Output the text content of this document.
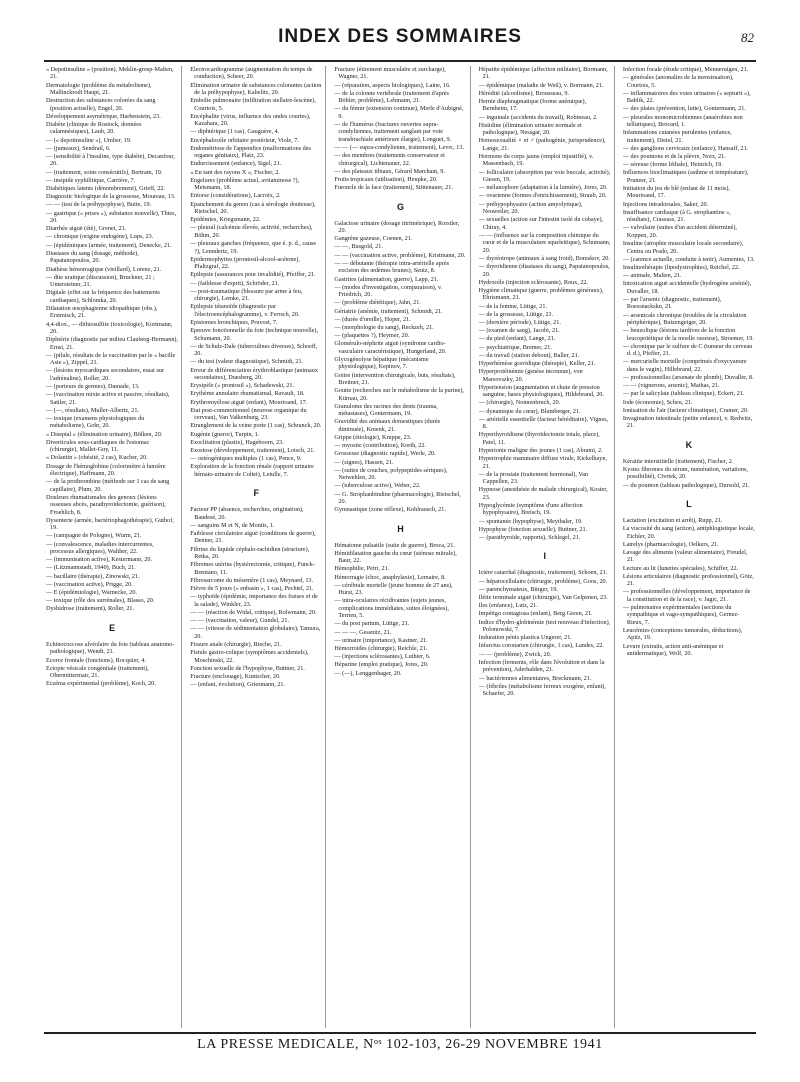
INDEX DES SOMMAIRES	82
« Depotinsuline » (position), Meklin-grosp-Malten, 21.
Dermatologie (problème du métabolisme), Mallinckrodt Haupt, 21.
Destruction des substances colorées du sang (position actuelle), Engel, 20.
Développement asymétrique, Harbenstein, 23.
Diabète (clinique de Rostock, données calamnésiques), Laub, 20.
— (« depotinsuline »), Umber, 19.
— (jumeaux), Sendrail, 6.
— (sensibilité à l'insuline, type diabète), Decanfour, 20.
— (traitement, soins consécutifs), Bertram, 19.
— insipide syphilitique, Carrière, 7.
Diabétiques latents (dénombrement), Grieff, 22.
Diagnostic biologique de la grossesse, Moureau, 13.
— — (test de la préhypophyse), Butte, 19.
— gastrique (« prises »), substance nouvelle), Thies, 20.
Diarrhée aiguë (été), Grenet, 21.
— chronique (origine endogène), Lups, 23.
— (épidémiques (armée, traitement), Denecke, 21.
Diastases du sang (dosage, méthode), Papatanopoulos, 20.
Diathèse hémorragique (vieillard), Lorenz, 21.
— dite uratique (discussion), Bruckner, 21 ; Untersteiner, 21.
Digitale (effet sur la fréquence des battements cardiaques), Schlomka, 20.
Dilatation œsophagienne idiopathique (obs.), Erstmisch, 21.
4,4-diox., — dithiosulfite (toxicologie), Kortmann, 20.
Diphtérie (diagnostic par milieu Clauberg-Hermann), Ernst, 21.
— (pilule, résultats de la vaccination par le « bacille Asie »), Zippel, 21.
— (lésions myocardiques secondaires, essai sur l'adrénaline), Roller, 20.
— (porteurs de germes), Damade, 13.
— (vaccination mixte active et passive, résultats), Sattler, 21.
— (—, résultats), Muller-Albertz, 21.
— toxique (examens physiologiques du métabolisme), Gohr, 20.
« Diseptal » (élimination urinaire), Bölken, 20.
Diverticules sous-cardiaques de l'estomac (chirurgie), Mallet-Guy, 11.
« Dolantin » (obésité, 2 cas), Kucher, 20.
Dosage de l'hémoglobine (colorimètre à lumière électrique), Haffmann, 20.
— de la prothrombine (méthode sur 1 cas de sang capillaire), Plum, 20.
Douleurs rhumatismales des genoux (lésions osseuses abcès, parathyroïdectomie, guérison), Froehlich, 8.
Dysenterie (armée, bactériophagothérapie), Guthof, 19.
— (campagne de Pologne), Wurm, 21.
— (convalescence, maladies intercurrentes, processus allergiques), Walther, 22.
— (immunisation active), Kestermann, 20.
— (Litzmannstadt, 1940), Buch, 21.
— bacillaire (thérapie), Zinowski, 21.
— (vaccination active), Prigge, 20.
— E (épidémiologie), Warnecke, 20.
— toxique (rôle des surrénales), Blasso, 20.
Dyshidrose (traitement), Roller, 21.
E
Echinococcose alvéolaire du foie (tableau anatomo-pathologique), Wendt, 21.
Ecorce frontale (fonctions), Rocquier, 4.
Ectopie vésicale congénitale (traitement), Obermittermair, 21.
Eczéma expérimental (problème), Koch, 20.
Electrocardiogramme (augmentation du temps de conduction), Scheer, 20.
Elimination urinaire de substances colorantes (action de la préhypophyse), Kabelitz, 20.
Embolie pulmonaire (infiltration stellaire-lescène), Courtois, 5.
Encéphalite (virus, influence des ondes courtes), Kazahara, 20.
— diphtérique (1 cas), Gauguère, 4.
Encéphalocèle orbitaire postérieur, Viole, 7.
Endométriose de l'appendice (malformations des organes génitaux), Platz, 23.
Endurcissement (enfance), Sigel, 21.
« En tant des rayons X », Fischer, 2.
Engelures (problème actuel, avitaminose ?), Metsmann, 18.
Entorse (considérations), Lacroix, 2.
Epanchement du genou (cas à sérologie douteuse), Rietschel, 20.
Epidémies, Kriegsmann, 22.
— pleural (calcémie élevée, activité, recherches), Böhm, 20.
— pleuraux ganches (fréquence, que é. p. d., cause ?), Lenndertz, 19.
Epidermophyties (prontosil-alcool-acétone), Pfaltzgraf, 22.
Epilepsie (assurances pour invalidité), Pfeiffer, 21.
— (faiblesse d'esprit), Schröder, 21.
— post-traumatique (blessure par arme à feu, chirurgie), Lemke, 21.
Epilepsie tétanoïde (diagnostic par l'électroencéphalogramme), v. Ferrsch, 20.
Epistomes bronchiques, Pruvost, 7.
Epreuve fonctionnelle du foie (technique nouvelle), Schumann, 20.
— de Schulz-Dale (tuberculines diverses), Schoeff, 20.
— du test (valeur diagnostique), Schmidt, 21.
Erreur de différenciation érythroblastique (animaux secondaires), Duesberg, 20.
Erysipèle (« prontosil »), Schadewski, 21.
Erythème annulaire rhumatismal, Ravault, 18.
Erythromyélose aiguë (enfant), Mourioand, 17.
Etat post-commotionnel (neurose organique du cerveau), Van Valkenburg, 23.
Etranglement de la veine porte (1 cas), Schranck, 20.
Eugénie (guerre), Turpin, 1.
Exoclitation (plastie), Hageboorn, 23.
Exostose (développement, traitement), Lotsch, 21.
— ostéogéniques multiples (1 cas), Pence, 9.
Exploration de la fonction rénale (rapport urinaire hémato-urinaire de Coltet), Letulle, 7.
F
Facteur PP (absence, recherches, origination), Baudesé, 20.
— sanguins M et N, de Montis, 1.
Faiblesse circulatoire aiguë (conditions de guerre), Denner, 21.
Fibrine du liquide céphalo-rachidien (structure), Retka, 20.
Fibromes utérins (hystérectomie, critique), Funck-Brentano, 11.
Fibrosarcome du mésentère (1 cas), Meynard, 13.
Fièvre de 5 jours (« enbasin », 1 cas), Pechtel, 21.
— typhoïde (épidémie, importance des fraises et de la salade), Winkler, 23.
— — (réaction de Widal, critique), Rolwmann, 20.
— — (vaccination, valeur), Gundel, 21.
— — (vitesse de sédimentation globulaire), Tamura, 20.
Fissure anale (chirurgie), Rieche, 21.
Fistule gastro-colique (symptômes accidentels), Moschinski, 22.
Fonction sexuelle de l'hypophyse, Buttner, 21.
Fracture (enclouage), Kuntscher, 20.
— (enfant, évolution), Griesmann, 21.
Fracture (étirement musculaire et surcharge), Wagner, 21.
— (réparation, aspects biologiques), Laine, 16.
— de la colonne vertébrale (traitement d'après Böhler, problème), Lehmann, 21.
— du fémur (extension continue), Merle d'Aubigné, 9.
— de l'humérus (fractures ouvertes supra-condyliennes, traitement sanglant par voie transbrachiale antérieure élargie), Longuet, 9.
— — (— supra-condylienne, traitement), Levrc, 13.
— des membres (traitements conservateur et chirurgical), Lichtenauer, 22.
— des plateaux tibiaux, Gérard Marchant, 9.
Fruits tropicaux (utilisation), Heupke, 20.
Furoncle de la face (traitement), Stittenauer, 21.
G
Galactose urinaire (dosage titrimétrique), Rorstler, 20.
Gangrène gazeuse, Coenen, 21.
— —, Busgold, 21.
— — (vaccination active, problème), Kristmann, 20.
— — débutante (thérapie intra-artérielle après excision des œdèmes brunes), Seutz, 8.
Gastrites (alimentation, guerre), Lapp, 21.
— (modes d'investigation, comparaison), v. Friedrich, 20.
— (problème diététique), Jahn, 21.
Gériatrie (anémie, traitement), Schmidt, 21.
— (durée d'oreille), Hoper, 21.
— (morphologie du sang), Reckzeh, 21.
— (plaquettes ?), Heymer, 20.
Glomérulo-néphrite aiguë (syndrome cardio-vasculaire caractéristique), Hungerland, 20.
Glycogénolyse hépatique (mécanisme physiologique), Kepinov, 7.
Goitre (intervention chirurgicale, buts, résultats), Breitner, 21.
Goutte (recherches sur le métabolisme de la purine), Kürnau, 20.
Granulome des racines des dents (trauma, métastases), Gontermann, 19.
Gravidité des animaux domestiques (durée diminuée), Kmenk, 21.
Grippe (étiologie), Kruppe, 23.
— myosite (contribution), Korth, 22.
Grossesse (diagnostic rapide), Werle, 20.
— (signes), Hassen, 21.
— (suites de couches, polypeptides sériques), Netwehlen, 20.
— (tuberculose active), Weber, 22.
— G. Strophanbindine (pharmacologie), Rietschel, 20.
Gymnastique (zone réflexe), Kohlrausch, 21.
H
Hématome pulsatile (suite de guerre), Broca, 21.
Hémidilatation gauche du cœur (sténose mitrale), Baur, 22.
Hémophilie, Petri, 21.
Hémorragie (choc, anaphylaxie), Lemaire, 8.
— cérébrale mortelle (jeune homme de 27 ans), Hurst, 23.
— intra-oculaires récidivantes (sujets jeunes, complications immédiates, suites éloignées), Terrien, 5.
— du post partum, Lüttge, 21.
— — —, Gessnitz, 21.
— urinaire (importance), Kastner, 21.
Hémorroïdes (chirurgie), Reichle, 21.
— (injections sclérosantes), Luthier, 6.
Héparine (emploi pratique), Jores, 20.
— (—), Lenggenhager, 20.
Hépatite épidémique (affection militaire), Bormann, 21.
— épidémique (maladie de Weil), v. Bormann, 21.
Hérédité (alcoolisme), Brousseau, 9.
Hernie diaphragmatique (forme anémique), Bernheim, 17.
— inguinale (accidents du travail), Robineau, 2.
Histidine (élimination urinaire normale et pathologique), Nessgar, 20.
Homosexualité ♀ et ♂ (pathogénie, jurisprudence), Lange, 21.
Hormone du corps jaune (emploi injustifié), v. Massenbach, 19.
— folliculaire (absorption par voie buccale, activité), Giesen, 19.
— mélanophore (adaptation à la lumière), Jores, 20.
— ovarienne (formes d'enrichissement), Straub, 20.
— préhypophysaire (action amyolytique), Neuweiler, 20.
— sexuelles (action sur l'intestin isolé du cobaye), Chiray, 4.
— — (influence sur la composition chimique du cœur et de la musculature squelettique), Schumann, 20.
— thyréotrope (animaux à sang froid), Bomskov, 20.
— thyroïdienne (diastases du sang), Papatanopoulos, 20.
Hydrocèle (injection sclérosante), Roux, 22.
Hygiène climatique (guerre, problèmes généraux), Ehrismann, 21.
— de la femme, Lüttge, 21.
— de la grossesse, Lüttge, 21.
— (dernière période), Lüttge, 21.
— (examen de sang), Jacobi, 21.
— du pied (enfant), Lange, 21.
— psychiatrique, Bremer, 21.
— du travail (station debout), Baller, 21.
Hyperhémèse gravidique (thérapie), Keller, 21.
Hyperprotéinémie (genèse inconnue), von Marsovszky, 20.
Hypertension (augmentation et chute de pression sanguine, bases physiologiques), Hildebrand, 20.
— (chirurgie), Nonnenbruch, 20.
— dynamique du cœur), Blumberger, 21.
— artérielle essentielle (facteur héréditaire), Vignes, 8.
Hyperthyroïdisme (thyroïdectomie totale, place), Patel, 11.
Hypertonie maligne des jeunes (1 cas), Abrami, 2.
Hypertrophie mammaire diffuse virale, Kickelhayn, 21.
— de la prostate (traitement hormonal), Van Cappellen, 23.
Hypnose (anesthésie de malade chirurgical), Koster, 23.
Hypoglycémie (symptôme d'une affection hypophysaire), Breisch, 19.
— spontanée (hypophyse), Meythaler, 19.
Hypophyse (fonction sexuelle), Buttner, 21.
— (parathyroïde, rapports), Schlegel, 21.
I
Ictère catarrhal (diagnostic, traitement), Schoen, 21.
— hépatocellulaire (chirurgie, problème), Goos, 20.
— parenchymateux, Bürger, 19.
Iléite terminale aiguë (chirurgie), Van Gelpenen, 23.
Iles (enfance), Lutz, 21.
Impétigo contagiosa (enfant), Berg Green, 21.
Indice d'hydro-globinémie (test nouveau d'infection), Polonowski, 7.
Induration pénis plastica Ungerer, 21.
Infarctus coronarien (chirurgie, 1 cas), Landes, 22.
— — (problème), Zwick, 20.
Infection (ferments, rôle dans l'évolution et dans la prévention), Aderhalden, 21.
— bactériennes alimentaires, Breckmann, 21.
— (fébriles (métabolisme ferreux exogène, enfant), Schaefer, 20.
Infection focale (étude critique), Menneruigen, 21.
— générales (anomalies de la menstruation), Courtois, 5.
— inflammatoires des voies urinaires (« septurit »), Bablik, 22.
— des plaies (prévention, lutte), Gontermann, 21.
— pleurales monomicrobiennes (anaérobies non telluriques), Brocard, 1.
Infammations cutanées purulentes (enfance, traitement), Dietel, 21.
— des ganglions cervicaux (enfance), Hansaff, 21.
— des poumons et de la plèvre, Noix, 21.
— séreuse (forme léthale), Heinrich, 19.
Influences bioclimatiques (asthme et température), Pruneer, 21.
Initiation du jeu de blé (enfant de 11 mois), Mourioand, 17.
Injections intradorsales, Saker, 20.
Insuffisance cardiaque (à G. strophantine », résultats), Crassuss, 21.
— valvulaire (suites d'un accident déterminé), Koppen, 20.
Insuline (atrophie musculaire locale secondaire), Centra ou Prado, 20.
— (carence actuelle, conduite à tenir), Aumentes, 13.
Insulinothérapie (lipodystrophies), Reichel, 22.
— animale, Malten, 21.
Intoxication aiguë accidentelle (hydrogène arsénié), Duvaller, 18.
— par l'arsenic (diagnostic, traitement), Roessnackskn, 21.
— arsenicale chronique (troubles de la circulation périphérique), Butzengeiger, 20.
— benzolique (lésions tardives de la fonction leucopoïétique de la moelle osseuse), Stroemer, 19.
— chronique par le sulfure de C (tumeur du cerveau d. d.), Pfeffer, 21.
— mercurielle mortelle (comprimés d'oxycyanure dans le vagin), Hillebrand, 22.
— professionnelles (arsenate de plomb), Duvaller, 8.
— — (vignerons, arsenic), Mathas, 21.
— par le salicylate (tableau clinique), Eckert, 21.
Iode (économie), Scheu, 21.
Ionisation de l'air (facteur climatique), Cramer, 20.
Invagination intestinale (petite enfance), v. Redwitz, 21.
K
Kératite interstitielle (traitement), Fischer, 2.
Kystes fibromes du sérum, numération, variations, possibilité), Ctvrtek, 20.
— du poumon (tableau pathologique), Dursold, 21.
L
Lactation (excitation et arrêt), Rupp, 21.
La viscosité du sang (action), antiphlogistique locale, Eichler, 20.
Latrelys (pharmacologie), Oelkers, 21.
Lavage des aliments (valeur alimentaire), Freudel, 21.
Lecture au lit (lunettes spéciales), Schiffer, 22.
Lésions articulaires (diagnostic professionnel), Götz, 21.
— professionnelles (développement, importance de la constitution et de la race), v. Jagic, 21.
— pulmonaires expérimentales (sections du sympathique et vago-sympathiques), Gernez-Rieux, 7.
Leucémies (conceptions tumorales, déductions), Apitz, 19.
Levure (extraits, action anti-anémique et antidermatique), Wolf, 20.
LA PRESSE MEDICALE, Nᵒˢ 102-103, 26-29 NOVEMBRE 1941
